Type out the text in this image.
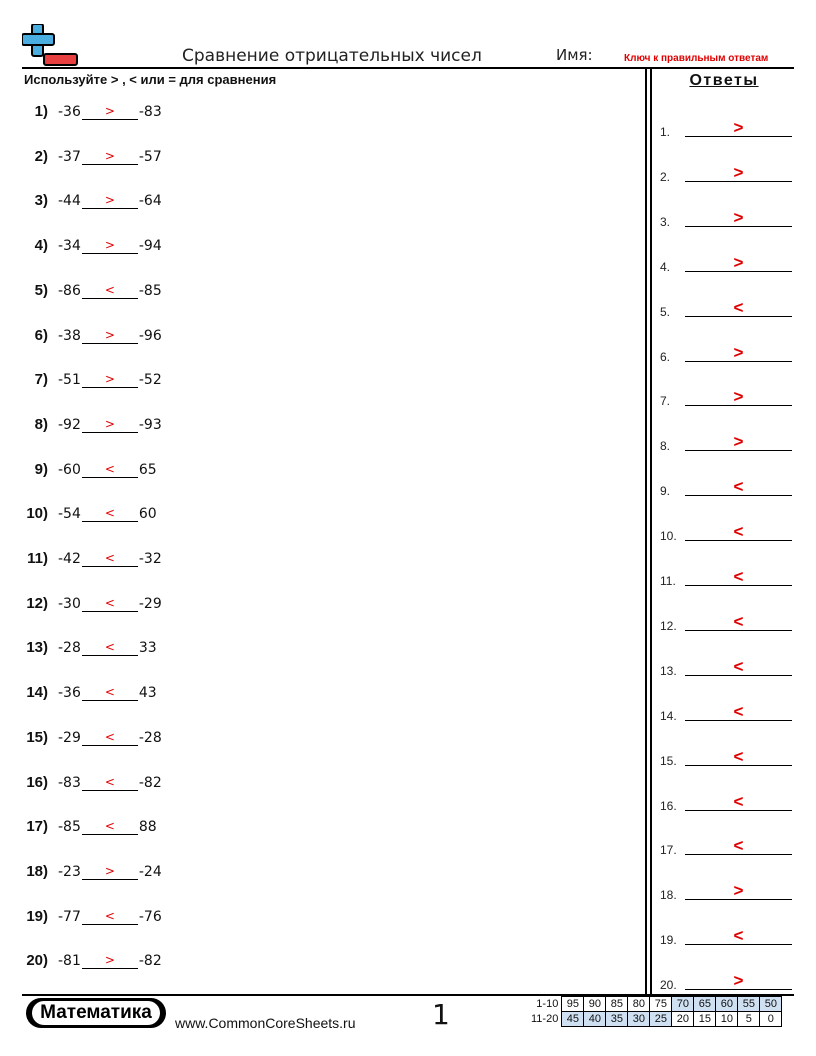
Сравнение отрицательных чисел	Имя:	Ключ к правильным ответам
Используйте > , < или = для сравнения	Ответы
1 )	-36	>	-83
2 )	-37	>	-57
3 )	-44	>	-64
4 )	-34	>	-94
5 )	-86	<	-85
6 )	-38	>	-96
7 )	-51	>	-52
8 )	-92	>	-93
9 )	-60	<	65
10 )	-54	<	60
11 )	-42	<	-32
12 )	-30	<	-29
13 )	-28	<	33
14 )	-36	<	43
15 )	-29	<	-28
16 )	-83	<	-82
17 )	-85	<	88
18 )	-23	>	-24
19 )	-77	<	-76
20 )	-81	>	-82
1.	>
2.	>
3.	>
4.	>
5.	<
6.	>
7.	>
8.	>
9.	<
10.	<
11.	<
12.	<
13.	<
14.	<
15.	<
16.	<
17.	<
18.	>
19.	<
20.	>
Математика	www.CommonCoreSheets.ru	1	1-10	95	90	85	80	75	70	65	60	55	50
11-20	45	40	35	30	25	20	15	10	5	0
